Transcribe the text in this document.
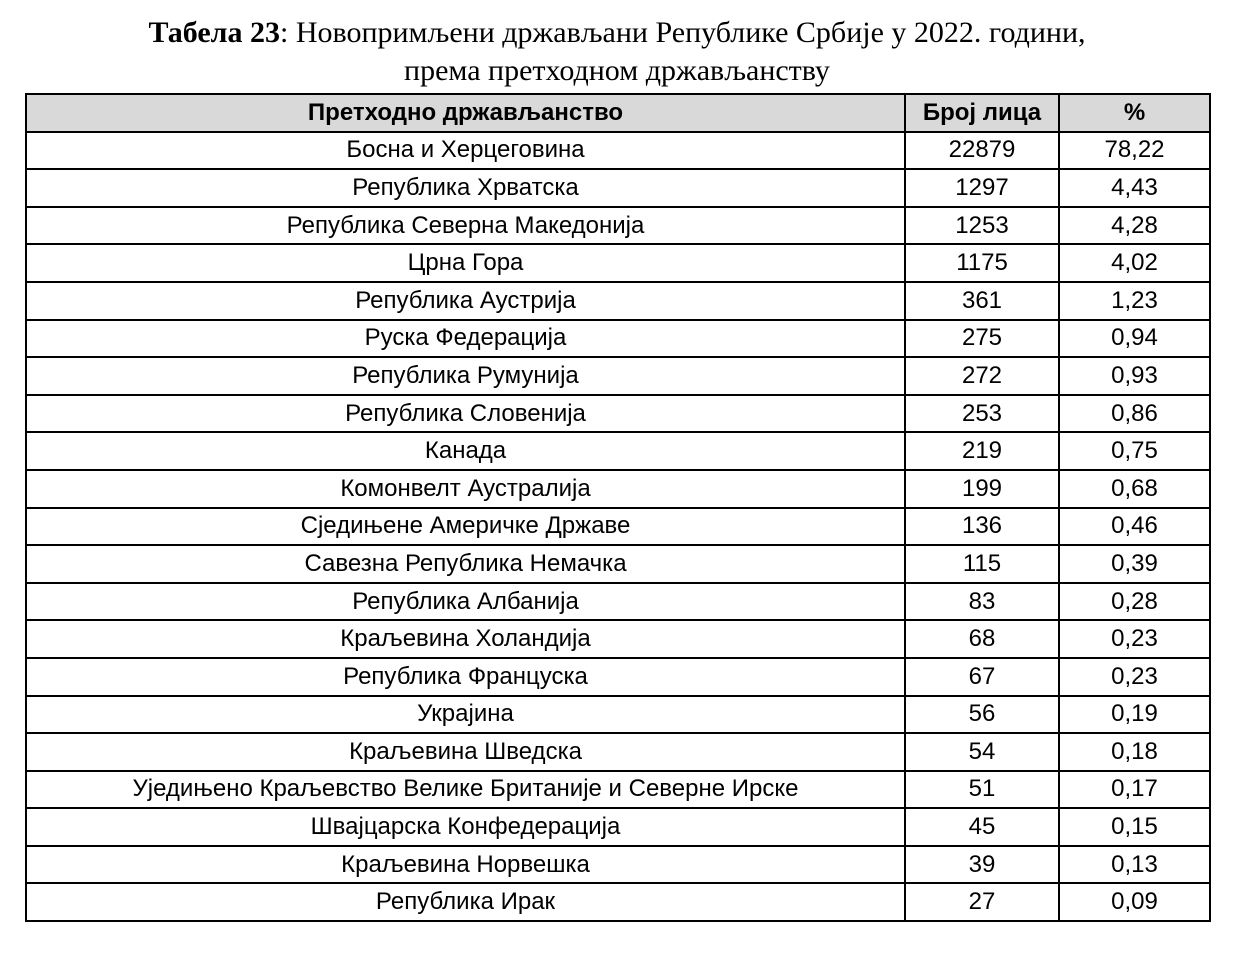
Табела 23: Новопримљени држављани Републике Србије у 2022. години,
према претходном држављанству
Претходно држављанство	Број лица	%
Босна и Херцеговина	22879	78,22
Република Хрватска	1297	4,43
Република Северна Македонија	1253	4,28
Црна Гора	1175	4,02
Република Аустрија	361	1,23
Руска Федерација	275	0,94
Република Румунија	272	0,93
Република Словенија	253	0,86
Канада	219	0,75
Комонвелт Аустралија	199	0,68
Сједињене Америчке Државе	136	0,46
Савезна Република Немачка	115	0,39
Република Албанија	83	0,28
Краљевина Холандија	68	0,23
Република Француска	67	0,23
Украјина	56	0,19
Краљевина Шведска	54	0,18
Уједињено Краљевство Велике Британије и Северне Ирске	51	0,17
Швајцарска Конфедерација	45	0,15
Краљевина Норвешка	39	0,13
Република Ирак	27	0,09
